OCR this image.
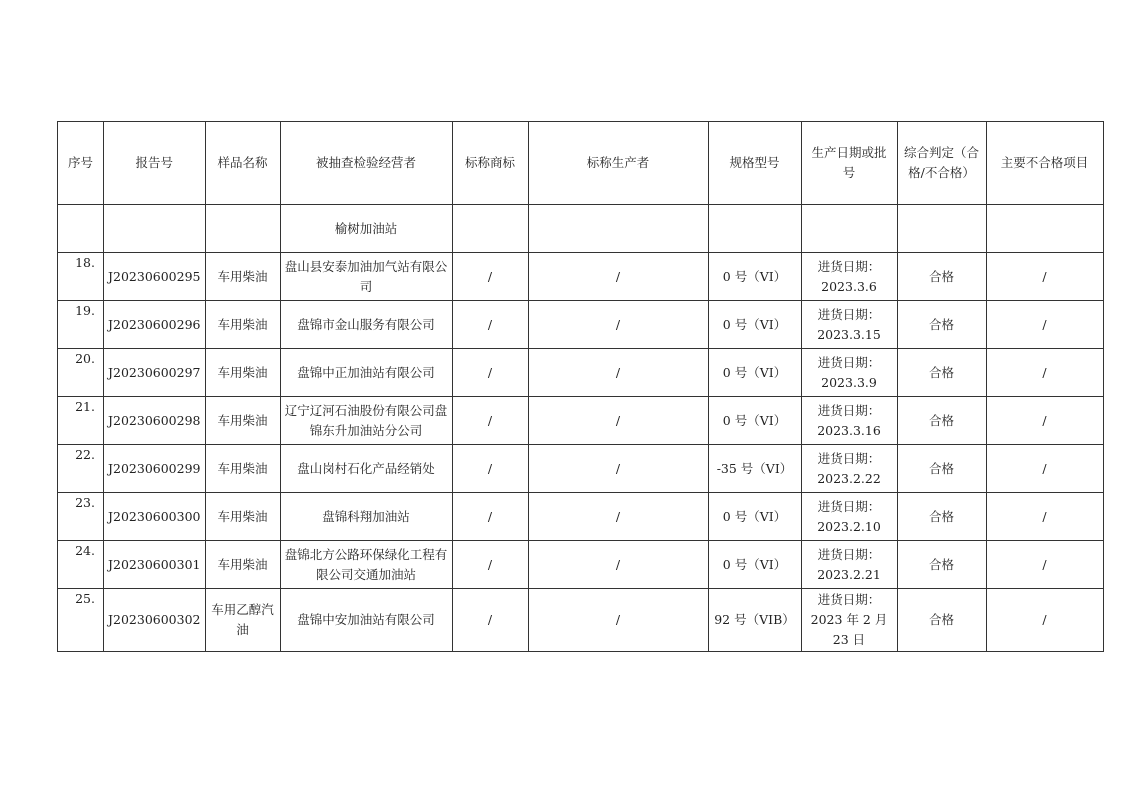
序号	报告号	样品名称	被抽查检验经营者	标称商标	标称生产者	规格型号	生产日期或批号	综合判定（合格/不合格）	主要不合格项目
			榆树加油站						
18.	J20230600295	车用柴油	盘山县安泰加油加气站有限公司	/	/	0 号（VI）	进货日期：2023.3.6	合格	/
19.	J20230600296	车用柴油	盘锦市金山服务有限公司	/	/	0 号（VI）	进货日期：2023.3.15	合格	/
20.	J20230600297	车用柴油	盘锦中正加油站有限公司	/	/	0 号（VI）	进货日期：2023.3.9	合格	/
21.	J20230600298	车用柴油	辽宁辽河石油股份有限公司盘锦东升加油站分公司	/	/	0 号（VI）	进货日期：2023.3.16	合格	/
22.	J20230600299	车用柴油	盘山岗村石化产品经销处	/	/	-35 号（VI）	进货日期：2023.2.22	合格	/
23.	J20230600300	车用柴油	盘锦科翔加油站	/	/	0 号（VI）	进货日期：2023.2.10	合格	/
24.	J20230600301	车用柴油	盘锦北方公路环保绿化工程有限公司交通加油站	/	/	0 号（VI）	进货日期：2023.2.21	合格	/
25.	J20230600302	车用乙醇汽油	盘锦中安加油站有限公司	/	/	92 号（VIB）	进货日期：2023 年 2 月 23 日	合格	/
